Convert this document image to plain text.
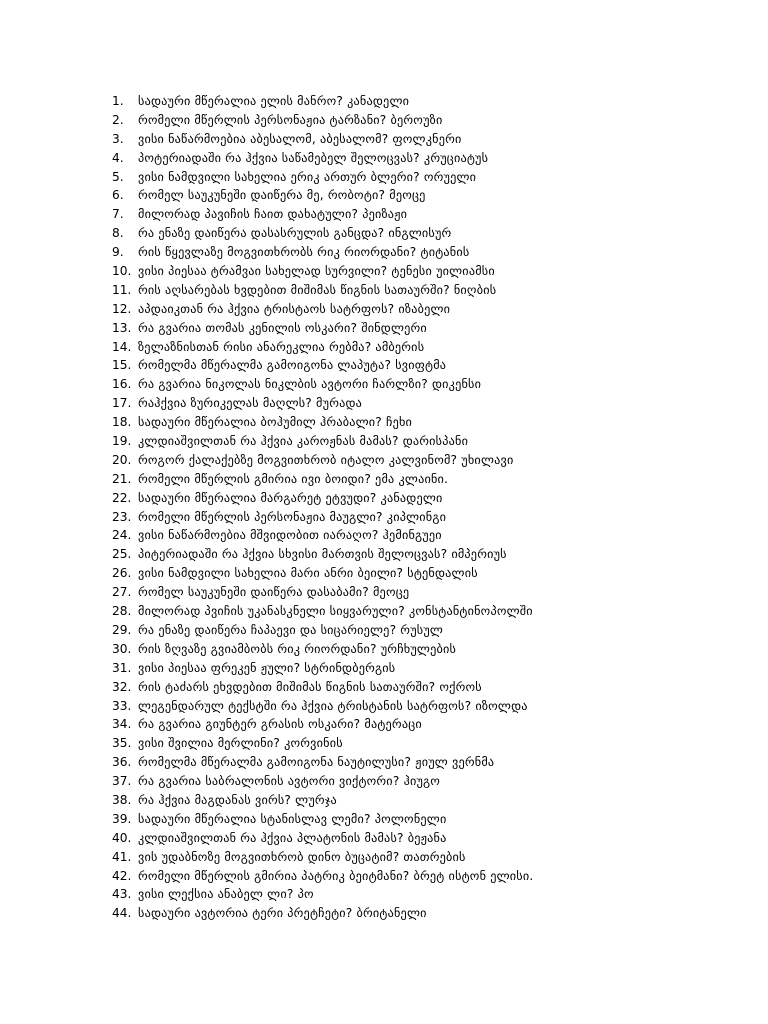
1.	სადაური მწერალია ელის მანრო? კანადელი
2.	რომელი მწერლის პერსონაჟია ტარზანი? ბეროუზი
3.	ვისი ნაწარმოებია აბესალომ, აბესალომ? ფოლკნერი
4.	პოტერიადაში რა ჰქვია საწამებელ შელოცვას? კრუციატუს
5.	ვისი ნამდვილი სახელია ერიკ ართურ ბლერი? ორუელი
6.	რომელ საუკუნეში დაიწერა მე, რობოტი? მეოცე
7.	მილორად პავიჩის ჩაით დახატული? პეიზაჟი
8.	რა ენაზე დაიწერა დასასრულის განცდა? ინგლისურ
9.	რის წყევლაზე მოგვითხრობს რიკ რიორდანი? ტიტანის
10. ვისი პიესაა ტრამვაი სახელად სურვილი? ტენესი უილიამსი
11. რის აღსარებას ხვდებით მიშიმას წიგნის სათაურში? ნიღბის
12. აპდაიკთან რა ჰქვია ტრისტაოს სატრფოს? იზაბელი
13. რა გვარია თომას კენილის ოსკარი? შინდლერი
14. ზელაზნისთან რისი ანარეკლია რებმა? ამბერის
15. რომელმა მწერალმა გამოიგონა ლაპუტა? სვიფტმა
16. რა გვარია ნიკოლას ნიკლბის ავტორი ჩარლზი? დიკენსი
17. რაჰქვია ზურიკელას მაღლს? მურადა
18. სადაური მწერალია ბოჰუმილ ჰრაბალი? ჩეხი
19. კლდიაშვილთან რა ჰქვია კაროჟნას მამას? დარისპანი
20. როგორ ქალაქებზე მოგვითხრობ იტალო კალვინომ? უხილავი
21. რომელი მწერლის გმირია ივი ბოიდი? ემა კლაინი.
22. სადაური მწერალია მარგარეტ ეტვუდი? კანადელი
23. რომელი მწერლის პერსონაჟია მაუგლი? კიპლინგი
24. ვისი ნაწარმოებია მშვიდობით იარაღო? ჰემინგუეი
25. პიტერიადაში რა ჰქვია სხვისი მართვის შელოცვას? იმპერიუს
26. ვისი ნამდვილი სახელია მარი ანრი ბეილი? სტენდალის
27. რომელ საუკუნეში დაიწერა დასაბამი? მეოცე
28. მილორად პვიჩის უკანასკნელი სიყვარული? კონსტანტინოპოლში
29. რა ენაზე დაიწერა ჩაპაევი და სიცარიელე? რუსულ
30. რის ზღვაზე გვიამბობს რიკ რიორდანი? ურჩხულების
31. ვისი პიესაა ფრეკენ ჟული? სტრინდბერგის
32. რის ტაძარს ეხვდებით მიშიმას წიგნის სათაურში? ოქროს
33. ლეგენდარულ ტექსტში რა ჰქვია ტრისტანის სატრფოს? იზოლდა
34. რა გვარია გიუნტერ გრასის ოსკარი? მატერაცი
35. ვისი შვილია მერლინი? კორვინის
36. რომელმა მწერალმა გამოიგონა ნაუტილუსი? ჟიულ ვერნმა
37. რა გვარია საბრალონის ავტორი ვიქტორი? ჰიუგო
38. რა ჰქვია მაგდანას ვირს? ლურჯა
39. სადაური მწერალია სტანისლავ ლემი? პოლონელი
40. კლდიაშვილთან რა ჰქვია პლატონის მამას? ბეჟანა
41. ვის უდაბნოზე მოგვითხრობ დინო ბუცატიმ? თათრების
42. რომელი მწერლის გმირია პატრიკ ბეიტმანი? ბრეტ ისტონ ელისი.
43. ვისი ლექსია ანაბელ ლი? პო
44. სადაური ავტორია ტერი პრეტჩეტი? ბრიტანელი
